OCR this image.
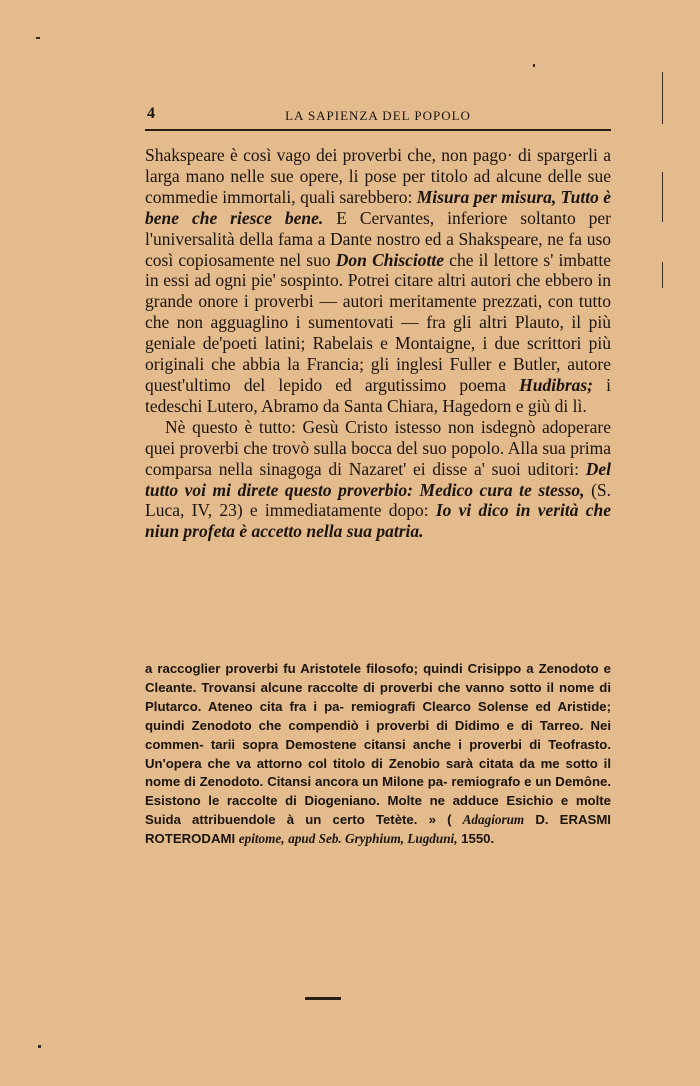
4	LA SAPIENZA DEL POPOLO

Shakspeare è così vago dei proverbi che, non pago· di spargerli a larga mano nelle sue opere, li pose per titolo ad alcune delle sue commedie immortali, quali sarebbero: Misura per misura, Tutto è bene che riesce bene. E Cervantes, inferiore soltanto per l'universalità della fama a Dante nostro ed a Shakspeare, ne fa uso così copiosamente nel suo Don Chisciotte che il lettore s' imbatte in essi ad ogni pie' sospinto. Potrei citare altri autori che ebbero in grande onore i proverbi — autori meritamente prezzati, con tutto che non agguaglino i sumentovati — fra gli altri Plauto, il più geniale de'poeti latini; Rabelais e Montaigne, i due scrittori più originali che abbia la Francia; gli inglesi Fuller e Butler, autore quest'ultimo del lepido ed argutissimo poema Hudibras; i tedeschi Lutero, Abramo da Santa Chiara, Hagedorn e giù di lì.

Nè questo è tutto: Gesù Cristo istesso non isdegnò adoperare quei proverbi che trovò sulla bocca del suo popolo. Alla sua prima comparsa nella sinagoga di Nazaret' ei disse a' suoi uditori: Del tutto voi mi direte questo proverbio: Medico cura te stesso, (S. Luca, IV, 23) e immediatamente dopo: Io vi dico in verità che niun profeta è accetto nella sua patria.

a raccoglier proverbi fu Aristotele filosofo; quindi Crisippo a Zenodoto e Cleante. Trovansi alcune raccolte di proverbi che vanno sotto il nome di Plutarco. Ateneo cita fra i pa- remiografi Clearco Solense ed Aristide; quindi Zenodoto che compendiò i proverbi di Didimo e di Tarreo. Nei commen- tarii sopra Demostene citansi anche i proverbi di Teofrasto. Un'opera che va attorno col titolo di Zenobio sarà citata da me sotto il nome di Zenodoto. Citansi ancora un Milone pa- remiografo e un Demône. Esistono le raccolte di Diogeniano. Molte ne adduce Esichio e molte Suida attribuendole à un certo Tetète. » ( Adagiorum D. ERASMI ROTERODAMI epitome, apud Seb. Gryphium, Lugduni, 1550.
